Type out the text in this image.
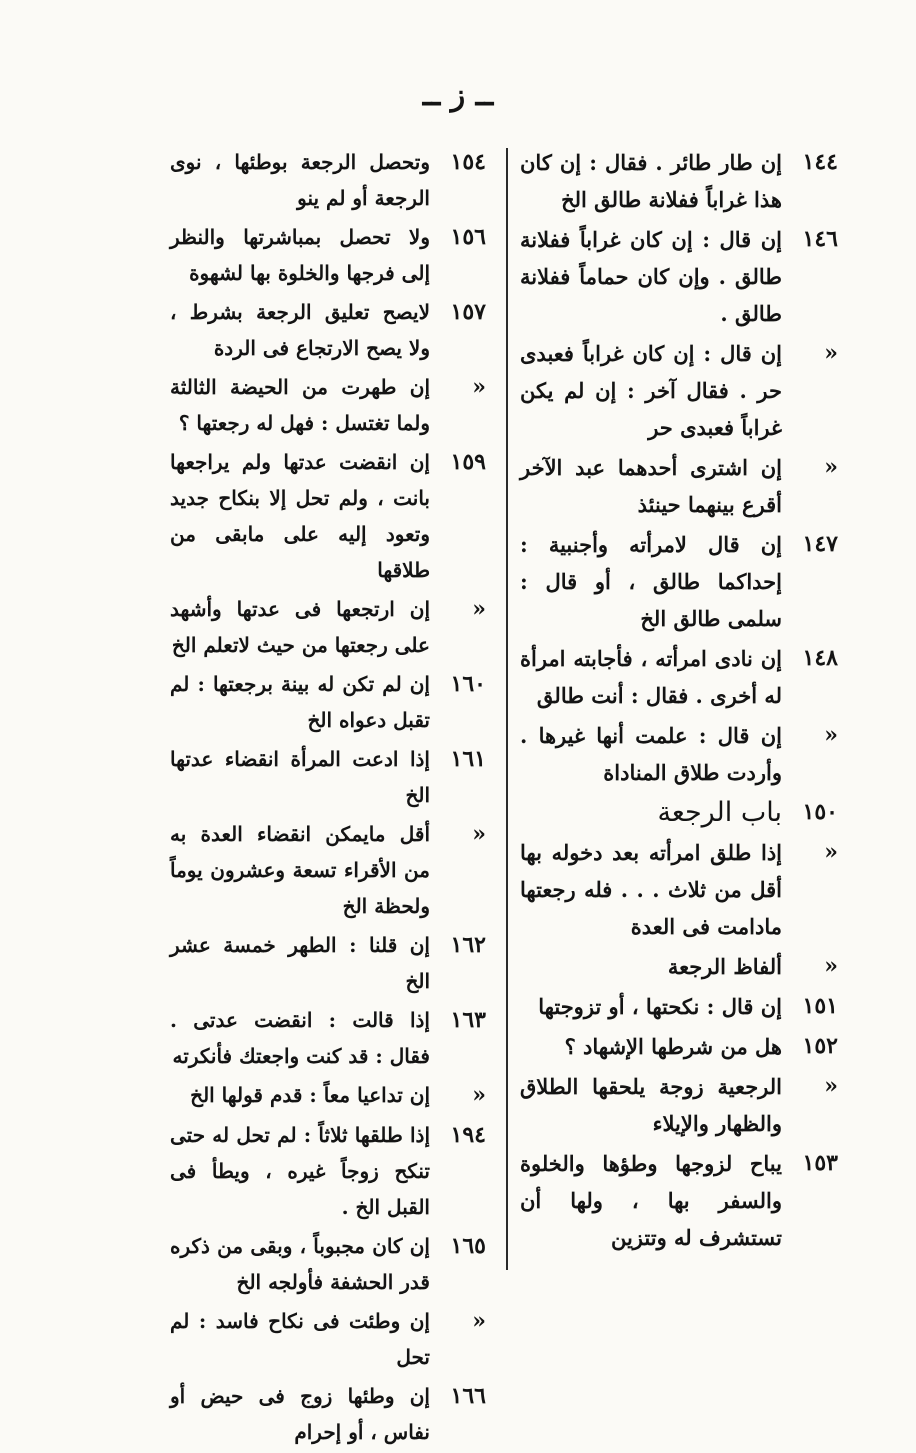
ــ ز ــ
١٤٤
إن طار طائر . فقال : إن كان هذا غراباً ففلانة طالق الخ
١٤٦
إن قال : إن كان غراباً ففلانة طالق . وإن كان حماماً ففلانة طالق .
«
إن قال : إن كان غراباً فعبدى حر . فقال آخر : إن لم يكن غراباً فعبدى حر
«
إن اشترى أحدهما عبد الآخر أقرع بينهما حينئذ
١٤٧
إن قال لامرأته وأجنبية : إحداكما طالق ، أو قال : سلمى طالق الخ
١٤٨
إن نادى امرأته ، فأجابته امرأة له أخرى . فقال : أنت طالق
«
إن قال : علمت أنها غيرها . وأردت طلاق المناداة
١٥٠
باب الرجعة
«
إذا طلق امرأته بعد دخوله بها أقل من ثلاث . . . فله رجعتها مادامت فى العدة
«
ألفاظ الرجعة
١٥١
إن قال : نكحتها ، أو تزوجتها
١٥٢
هل من شرطها الإشهاد ؟
«
الرجعية زوجة يلحقها الطلاق والظهار والإيلاء
١٥٣
يباح لزوجها وطؤها والخلوة والسفر بها ، ولها أن تستشرف له وتتزين
١٥٤
وتحصل الرجعة بوطئها ، نوى الرجعة أو لم ينو
١٥٦
ولا تحصل بمباشرتها والنظر إلى فرجها والخلوة بها لشهوة
١٥٧
لايصح تعليق الرجعة بشرط ، ولا يصح الارتجاع فى الردة
«
إن طهرت من الحيضة الثالثة ولما تغتسل : فهل له رجعتها ؟
١٥٩
إن انقضت عدتها ولم يراجعها بانت ، ولم تحل إلا بنكاح جديد وتعود إليه على مابقى من طلاقها
«
إن ارتجعها فى عدتها وأشهد على رجعتها من حيث لاتعلم الخ
١٦٠
إن لم تكن له بينة برجعتها : لم تقبل دعواه الخ
١٦١
إذا ادعت المرأة انقضاء عدتها الخ
«
أقل مايمكن انقضاء العدة به من الأقراء تسعة وعشرون يوماً ولحظة الخ
١٦٢
إن قلنا : الطهر خمسة عشر الخ
١٦٣
إذا قالت : انقضت عدتى . فقال : قد كنت واجعتك فأنكرته
«
إن تداعيا معاً : قدم قولها الخ
١٩٤
إذا طلقها ثلاثاً : لم تحل له حتى تنكح زوجاً غيره ، ويطأ فى القبل الخ .
١٦٥
إن كان مجبوباً ، وبقى من ذكره قدر الحشفة فأولجه الخ
«
إن وطئت فى نكاح فاسد : لم تحل
١٦٦
إن وطئها زوج فى حيض أو نفاس ، أو إحرام
